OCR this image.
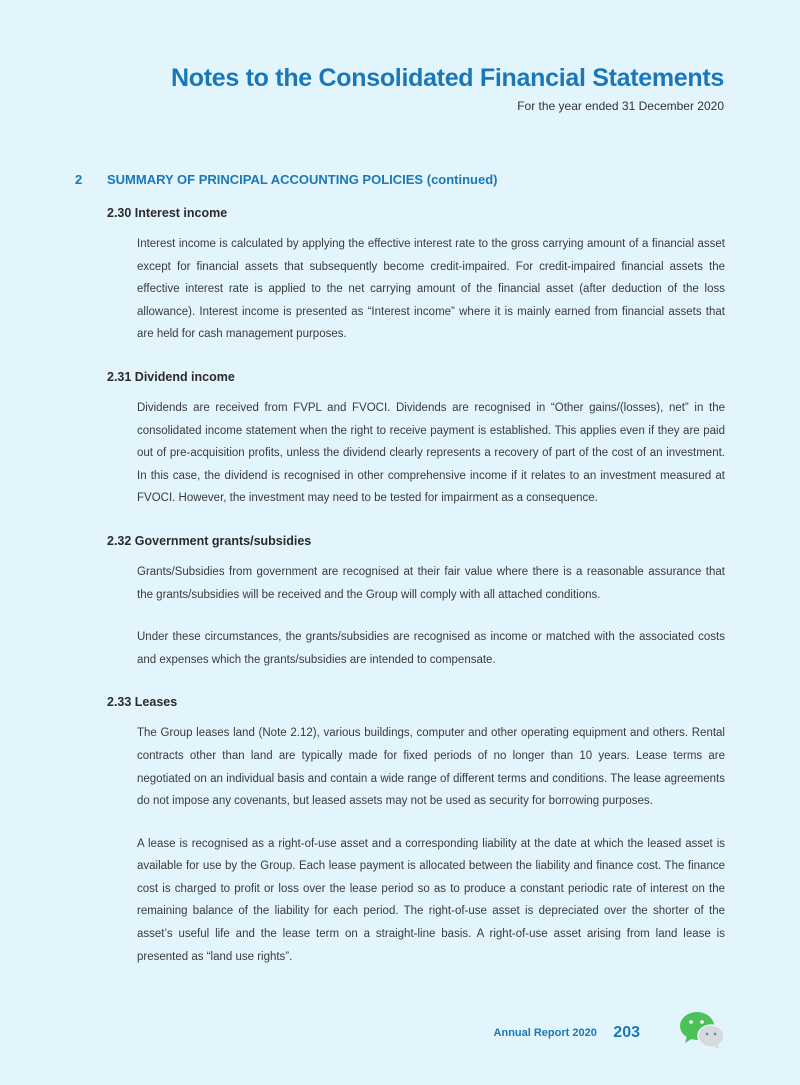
Notes to the Consolidated Financial Statements
For the year ended 31 December 2020
2 SUMMARY OF PRINCIPAL ACCOUNTING POLICIES (continued)
2.30 Interest income

Interest income is calculated by applying the effective interest rate to the gross carrying amount of a financial asset except for financial assets that subsequently become credit-impaired. For credit-impaired financial assets the effective interest rate is applied to the net carrying amount of the financial asset (after deduction of the loss allowance). Interest income is presented as “Interest income” where it is mainly earned from financial assets that are held for cash management purposes.

2.31 Dividend income

Dividends are received from FVPL and FVOCI. Dividends are recognised in “Other gains/(losses), net” in the consolidated income statement when the right to receive payment is established. This applies even if they are paid out of pre-acquisition profits, unless the dividend clearly represents a recovery of part of the cost of an investment. In this case, the dividend is recognised in other comprehensive income if it relates to an investment measured at FVOCI. However, the investment may need to be tested for impairment as a consequence.

2.32 Government grants/subsidies

Grants/Subsidies from government are recognised at their fair value where there is a reasonable assurance that the grants/subsidies will be received and the Group will comply with all attached conditions.

Under these circumstances, the grants/subsidies are recognised as income or matched with the associated costs and expenses which the grants/subsidies are intended to compensate.

2.33 Leases

The Group leases land (Note 2.12), various buildings, computer and other operating equipment and others. Rental contracts other than land are typically made for fixed periods of no longer than 10 years. Lease terms are negotiated on an individual basis and contain a wide range of different terms and conditions. The lease agreements do not impose any covenants, but leased assets may not be used as security for borrowing purposes.

A lease is recognised as a right-of-use asset and a corresponding liability at the date at which the leased asset is available for use by the Group. Each lease payment is allocated between the liability and finance cost. The finance cost is charged to profit or loss over the lease period so as to produce a constant periodic rate of interest on the remaining balance of the liability for each period. The right-of-use asset is depreciated over the shorter of the asset’s useful life and the lease term on a straight-line basis. A right-of-use asset arising from land lease is presented as “land use rights”.

Annual Report 2020 203
